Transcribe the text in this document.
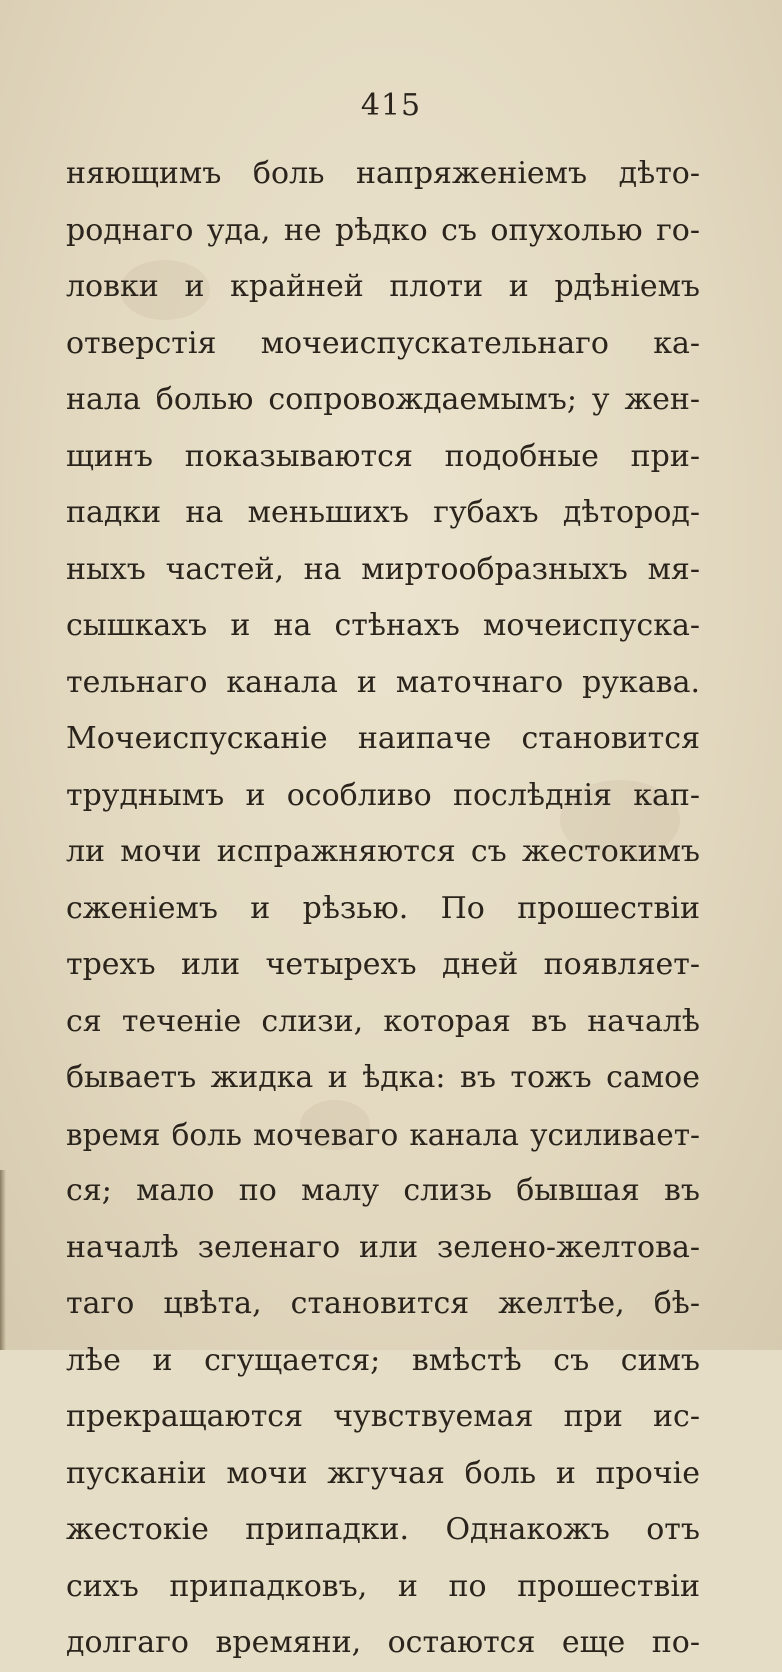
415
няющимъ боль напряженіемъ дѣто-
роднаго уда, не рѣдко съ опухолью го-
ловки и крайней плоти и рдѣніемъ
отверстія мочеиспускательнаго ка-
нала болью сопровождаемымъ; у жен-
щинъ показываются подобные при-
падки на меньшихъ губахъ дѣтород-
ныхъ частей, на миртообразныхъ мя-
сышкахъ и на стѣнахъ мочеиспуска-
тельнаго канала и маточнаго рукава.
Мочеиспусканіе наипаче становится
труднымъ и особливо послѣднія кап-
ли мочи испражняются съ жестокимъ
сженіемъ и рѣзью. По прошествіи
трехъ или четырехъ дней появляет-
ся теченіе слизи, которая въ началѣ
бываетъ жидка и ѣдка: въ тожъ самое
время боль мочеваго канала усиливает-
ся; мало по малу слизь бывшая въ
началѣ зеленаго или зелено-желтова-
таго цвѣта, становится желтѣе, бѣ-
лѣе и сгущается; вмѣстѣ съ симъ
прекращаются чувствуемая при ис-
пусканіи мочи жгучая боль и прочіе
жестокіе припадки. Однакожъ отъ
сихъ припадковъ, и по прошествіи
долгаго времяни, остаются еще по-
